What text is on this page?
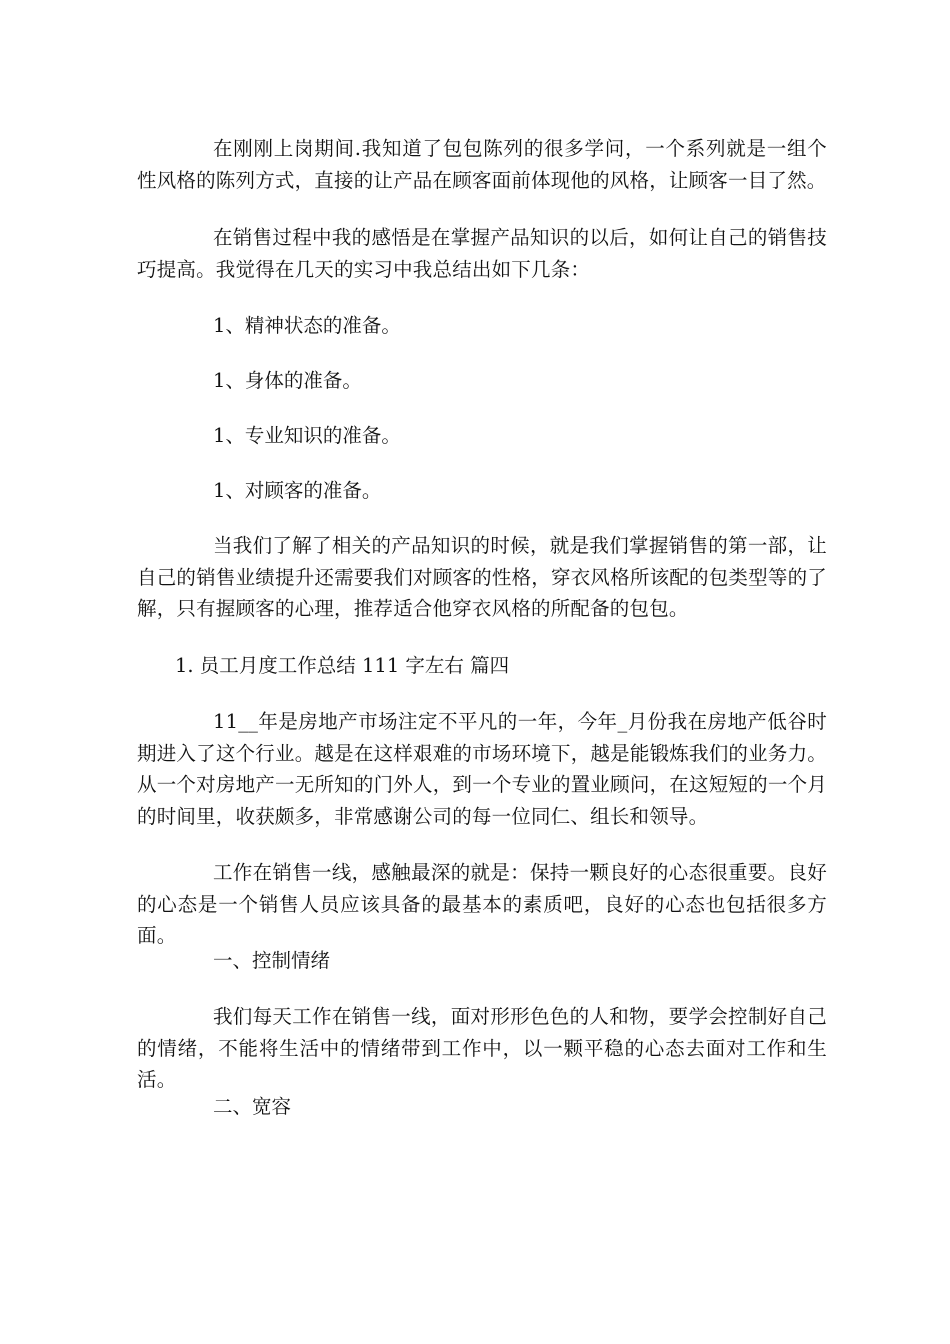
在刚刚上岗期间.我知道了包包陈列的很多学问，一个系列就是一组个性风格的陈列方式，直接的让产品在顾客面前体现他的风格，让顾客一目了然。

在销售过程中我的感悟是在掌握产品知识的以后，如何让自己的销售技巧提高。我觉得在几天的实习中我总结出如下几条：

1、精神状态的准备。

1、身体的准备。

1、专业知识的准备。

1、对顾客的准备。

当我们了解了相关的产品知识的时候，就是我们掌握销售的第一部，让自己的销售业绩提升还需要我们对顾客的性格，穿衣风格所该配的包类型等的了解，只有握顾客的心理，推荐适合他穿衣风格的所配备的包包。

1. 员工月度工作总结 111 字左右 篇四

11__年是房地产市场注定不平凡的一年，今年_月份我在房地产低谷时期进入了这个行业。越是在这样艰难的市场环境下，越是能锻炼我们的业务力。从一个对房地产一无所知的门外人，到一个专业的置业顾问，在这短短的一个月的时间里，收获颇多，非常感谢公司的每一位同仁、组长和领导。

工作在销售一线，感触最深的就是：保持一颗良好的心态很重要。良好的心态是一个销售人员应该具备的最基本的素质吧，良好的心态也包括很多方面。

一、控制情绪

我们每天工作在销售一线，面对形形色色的人和物，要学会控制好自己的情绪，不能将生活中的情绪带到工作中，以一颗平稳的心态去面对工作和生活。

二、宽容
